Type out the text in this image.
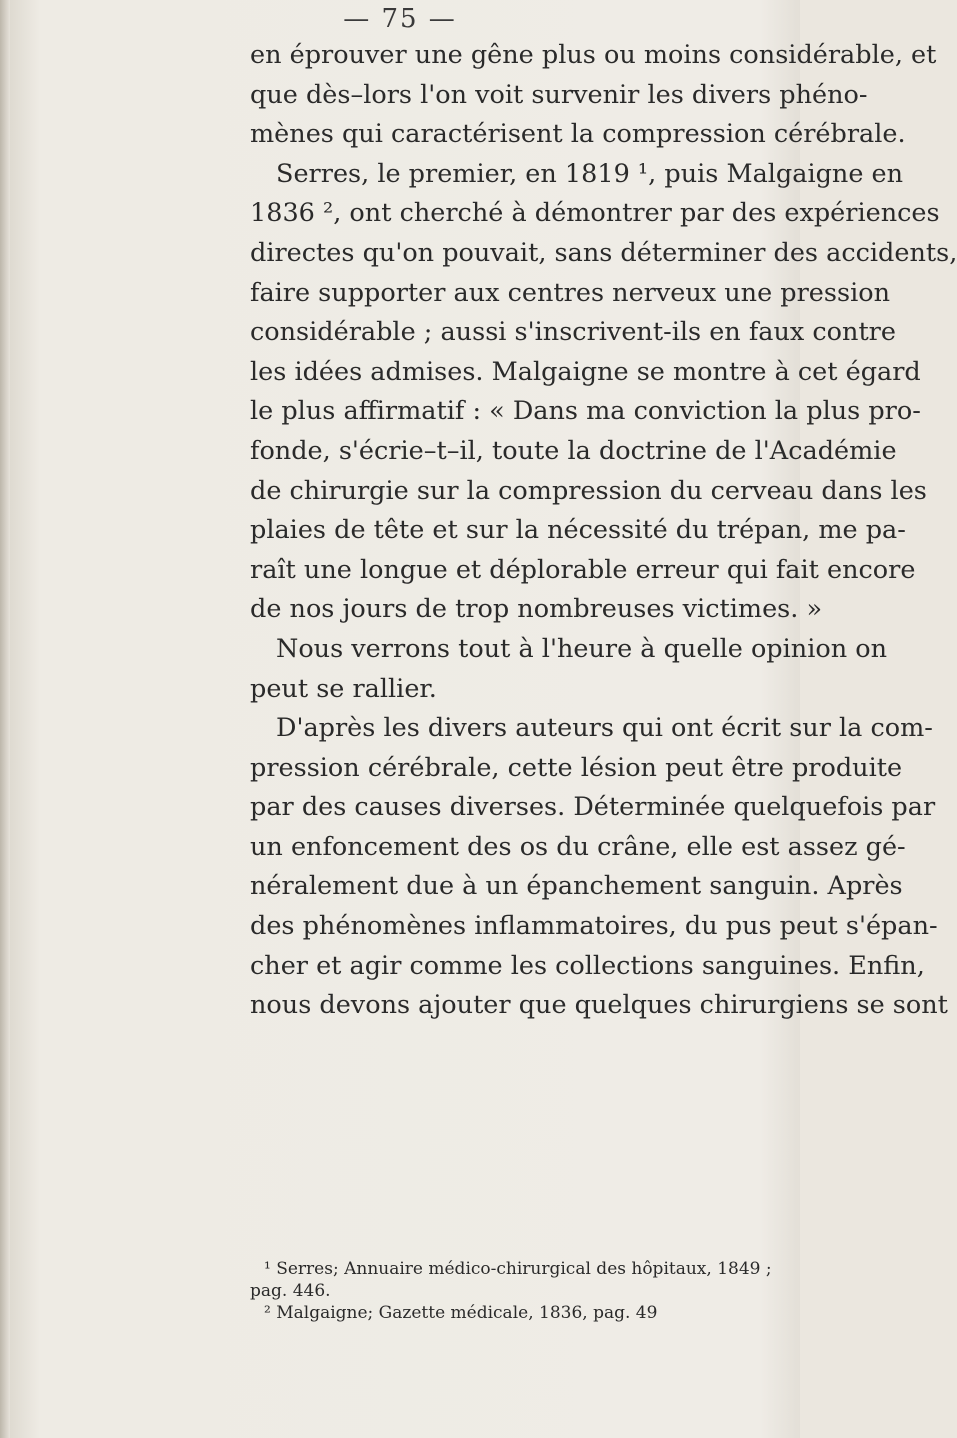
— 75 —
en éprouver une gêne plus ou moins considérable, et
que dès–lors l'on voit survenir les divers phéno-
mènes qui caractérisent la compression cérébrale.
Serres, le premier, en 1819 ¹, puis Malgaigne en
1836 ², ont cherché à démontrer par des expériences
directes qu'on pouvait, sans déterminer des accidents,
faire supporter aux centres nerveux une pression
considérable ; aussi s'inscrivent-ils en faux contre
les idées admises. Malgaigne se montre à cet égard
le plus affirmatif : « Dans ma conviction la plus pro-
fonde, s'écrie–t–il, toute la doctrine de l'Académie
de chirurgie sur la compression du cerveau dans les
plaies de tête et sur la nécessité du trépan, me pa-
raît une longue et déplorable erreur qui fait encore
de nos jours de trop nombreuses victimes. »
Nous verrons tout à l'heure à quelle opinion on
peut se rallier.
D'après les divers auteurs qui ont écrit sur la com-
pression cérébrale, cette lésion peut être produite
par des causes diverses. Déterminée quelquefois par
un enfoncement des os du crâne, elle est assez gé-
néralement due à un épanchement sanguin. Après
des phénomènes inflammatoires, du pus peut s'épan-
cher et agir comme les collections sanguines. Enfin,
nous devons ajouter que quelques chirurgiens se sont
¹ Serres; Annuaire médico-chirurgical des hôpitaux, 1849 ;
pag. 446.
² Malgaigne; Gazette médicale, 1836, pag. 49
